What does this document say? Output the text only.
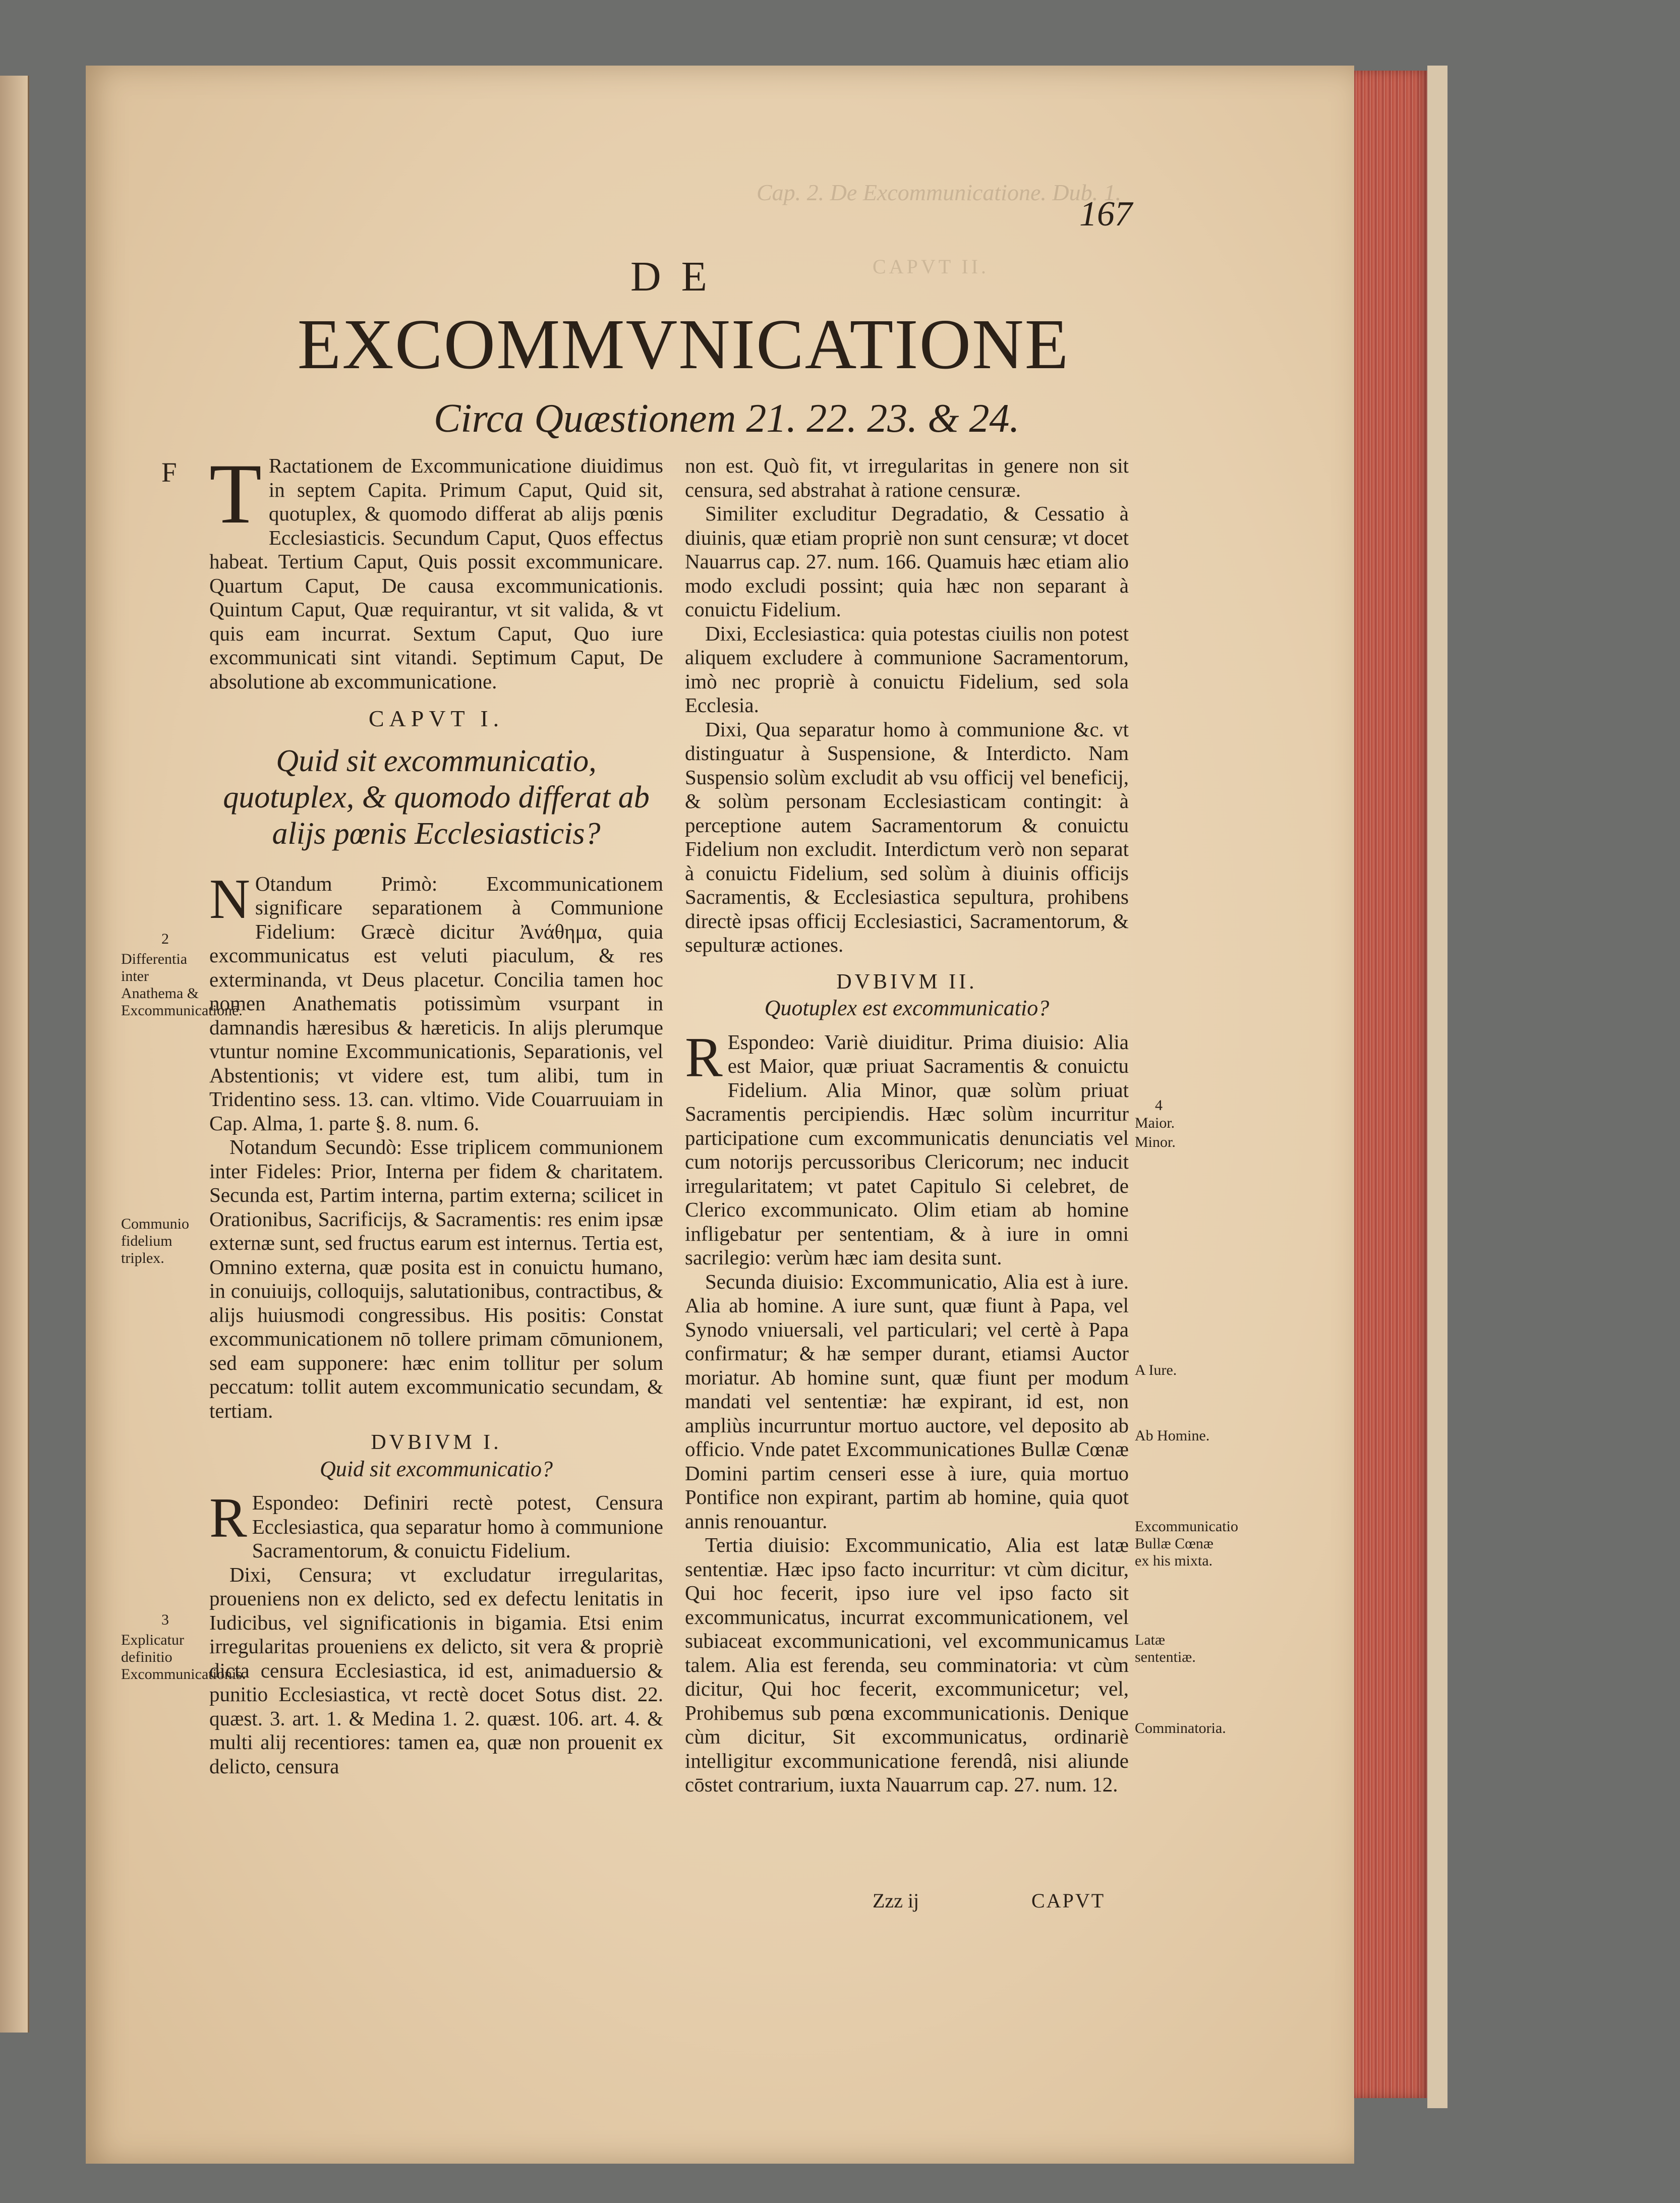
Cap. 2. De Excommunicatione. Dub. 1.
CAPVT II.
167
DE
EXCOMMVNICATIONE
Circa Quæstionem 21. 22. 23. & 24.
F T Ractationem de Excommunicatione diuidimus in septem Capita. Primum Caput, Quid sit, quotuplex, & quomodo differat ab alijs pœnis Ecclesiasticis. Secundum Caput, Quos effectus habeat. Tertium Caput, Quis possit excommunicare. Quartum Caput, De causa excommunicationis. Quintum Caput, Quæ requirantur, vt sit valida, & vt quis eam incurrat. Sextum Caput, Quo iure excommunicati sint vitandi. Septimum Caput, De absolutione ab excommunicatione.

CAPVT I.
Quid sit excommunicatio, quotuplex, & quomodo differat ab alijs pœnis Ecclesiasticis?

N Otandum Primò: Excommunicationem significare separationem à Communione Fidelium: Græcè dicitur Ἀνάθημα, quia excommunicatus est veluti piaculum, & res exterminanda, vt Deus placetur. Concilia tamen hoc nomen Anathematis potissimùm vsurpant in damnandis hæresibus & hæreticis. In alijs plerumque vtuntur nomine Excommunicationis, Separationis, vel Abstentionis; vt videre est, tum alibi, tum in Tridentino sess. 13. can. vltimo. Vide Couarruuiam in Cap. Alma, 1. parte §. 8. num. 6.

Notandum Secundò: Esse triplicem communionem inter Fideles: Prior, Interna per fidem & charitatem. Secunda est, Partim interna, partim externa; scilicet in Orationibus, Sacrificijs, & Sacramentis: res enim ipsæ externæ sunt, sed fructus earum est internus. Tertia est, Omnino externa, quæ posita est in conuictu humano, in conuiuijs, colloquijs, salutationibus, contractibus, & alijs huiusmodi congressibus. His positis: Constat excommunicationem nō tollere primam cōmunionem, sed eam supponere: hæc enim tollitur per solum peccatum: tollit autem excommunicatio secundam, & tertiam.

DVBIVM I.
Quid sit excommunicatio?

R Espondeo: Definiri rectè potest, Censura Ecclesiastica, qua separatur homo à communione Sacramentorum, & conuictu Fidelium.

Dixi, Censura; vt excludatur irregularitas, proueniens non ex delicto, sed ex defectu lenitatis in Iudicibus, vel significationis in bigamia. Etsi enim irregularitas proueniens ex delicto, sit vera & propriè dicta censura Ecclesiastica, id est, animaduersio & punitio Ecclesiastica, vt rectè docet Sotus dist. 22. quæst. 3. art. 1. & Medina 1. 2. quæst. 106. art. 4. & multi alij recentiores: tamen ea, quæ non prouenit ex delicto, censura

non est. Quò fit, vt irregularitas in genere non sit censura, sed abstrahat à ratione censuræ.

Similiter excluditur Degradatio, & Cessatio à diuinis, quæ etiam propriè non sunt censuræ; vt docet Nauarrus cap. 27. num. 166. Quamuis hæc etiam alio modo excludi possint; quia hæc non separant à conuictu Fidelium.

Dixi, Ecclesiastica: quia potestas ciuilis non potest aliquem excludere à communione Sacramentorum, imò nec propriè à conuictu Fidelium, sed sola Ecclesia.

Dixi, Qua separatur homo à communione &c. vt distinguatur à Suspensione, & Interdicto. Nam Suspensio solùm excludit ab vsu officij vel beneficij, & solùm personam Ecclesiasticam contingit: à perceptione autem Sacramentorum & conuictu Fidelium non excludit. Interdictum verò non separat à conuictu Fidelium, sed solùm à diuinis officijs Sacramentis, & Ecclesiastica sepultura, prohibens directè ipsas officij Ecclesiastici, Sacramentorum, & sepulturæ actiones.

DVBIVM II.
Quotuplex est excommunicatio?

R Espondeo: Variè diuiditur. Prima diuisio: Alia est Maior, quæ priuat Sacramentis & conuictu Fidelium. Alia Minor, quæ solùm priuat Sacramentis percipiendis. Hæc solùm incurritur participatione cum excommunicatis denunciatis vel cum notorijs percussoribus Clericorum; nec inducit irregularitatem; vt patet Capitulo Si celebret, de Clerico excommunicato. Olim etiam ab homine infligebatur per sententiam, & à iure in omni sacrilegio: verùm hæc iam desita sunt.

Secunda diuisio: Excommunicatio, Alia est à iure. Alia ab homine. A iure sunt, quæ fiunt à Papa, vel Synodo vniuersali, vel particulari; vel certè à Papa confirmatur; & hæ semper durant, etiamsi Auctor moriatur. Ab homine sunt, quæ fiunt per modum mandati vel sententiæ: hæ expirant, id est, non ampliùs incurruntur mortuo auctore, vel deposito ab officio. Vnde patet Excommunicationes Bullæ Cœnæ Domini partim censeri esse à iure, quia mortuo Pontifice non expirant, partim ab homine, quia quot annis renouantur.

Tertia diuisio: Excommunicatio, Alia est latæ sententiæ. Hæc ipso facto incurritur: vt cùm dicitur, Qui hoc fecerit, ipso iure vel ipso facto sit excommunicatus, incurrat excommunicationem, vel subiaceat excommunicationi, vel excommunicamus talem. Alia est ferenda, seu comminatoria: vt cùm dicitur, Qui hoc fecerit, excommunicetur; vel, Prohibemus sub pœna excommunicationis. Denique cùm dicitur, Sit excommunicatus, ordinariè intelligitur excommunicatione ferendâ, nisi aliunde cōstet contrarium, iuxta Nauarrum cap. 27. num. 12.

2
Differentia inter Anathema & Excommunicationē.
Communio fidelium triplex.
3
Explicatur definitio Excommunicationis.
4
Maior.
Minor.
A Iure.
Ab Homine.
Excommunicatio Bullæ Cœnæ ex his mixta.
Latæ sententiæ.
Comminatoria.
Zzz ij	CAPVT
